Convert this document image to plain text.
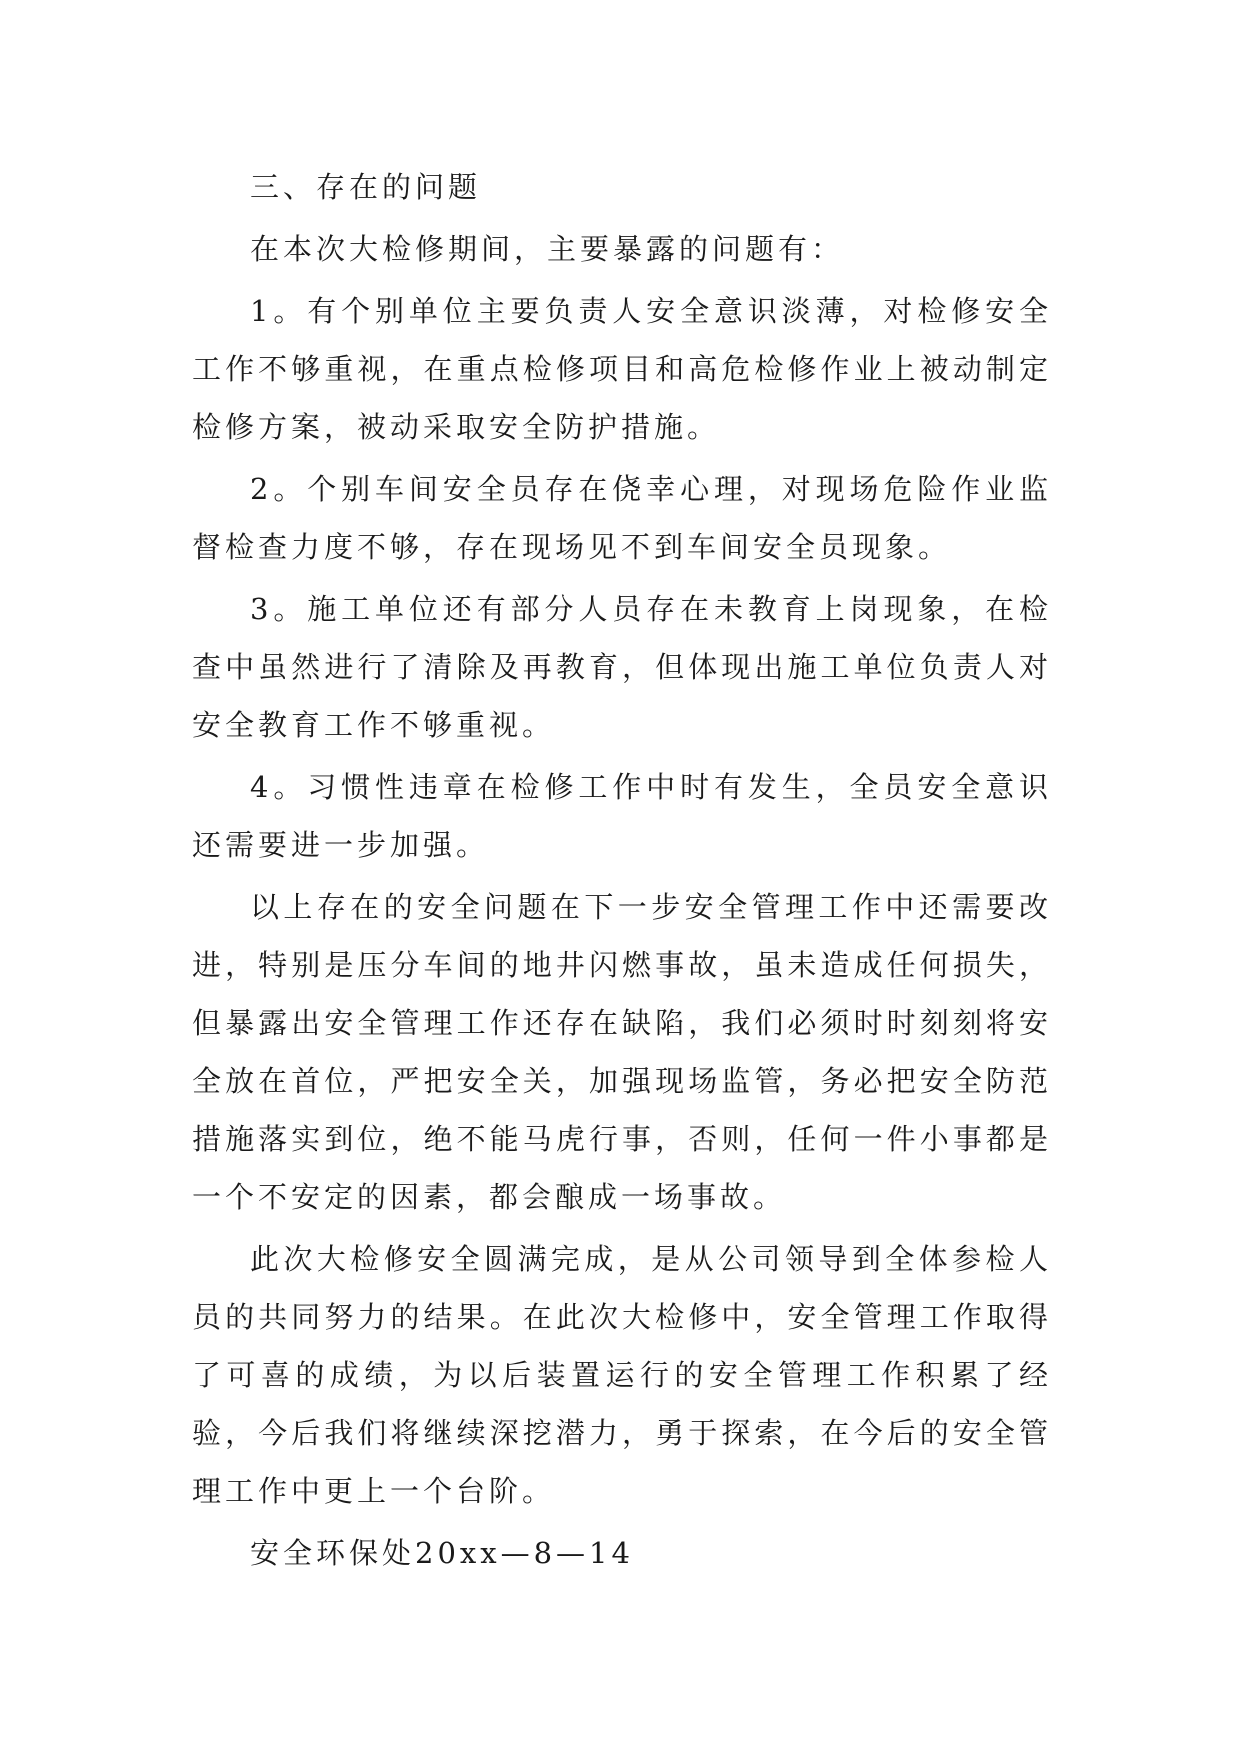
三、存在的问题

在本次大检修期间，主要暴露的问题有：

1。有个别单位主要负责人安全意识淡薄，对检修安全工作不够重视，在重点检修项目和高危检修作业上被动制定检修方案，被动采取安全防护措施。

2。个别车间安全员存在侥幸心理，对现场危险作业监督检查力度不够，存在现场见不到车间安全员现象。

3。施工单位还有部分人员存在未教育上岗现象，在检查中虽然进行了清除及再教育，但体现出施工单位负责人对安全教育工作不够重视。

4。习惯性违章在检修工作中时有发生，全员安全意识还需要进一步加强。

以上存在的安全问题在下一步安全管理工作中还需要改进，特别是压分车间的地井闪燃事故，虽未造成任何损失，但暴露出安全管理工作还存在缺陷，我们必须时时刻刻将安全放在首位，严把安全关，加强现场监管，务必把安全防范措施落实到位，绝不能马虎行事，否则，任何一件小事都是一个不安定的因素，都会酿成一场事故。

此次大检修安全圆满完成，是从公司领导到全体参检人员的共同努力的结果。在此次大检修中，安全管理工作取得了可喜的成绩，为以后装置运行的安全管理工作积累了经验，今后我们将继续深挖潜力，勇于探索，在今后的安全管理工作中更上一个台阶。

安全环保处20xx—8—14
